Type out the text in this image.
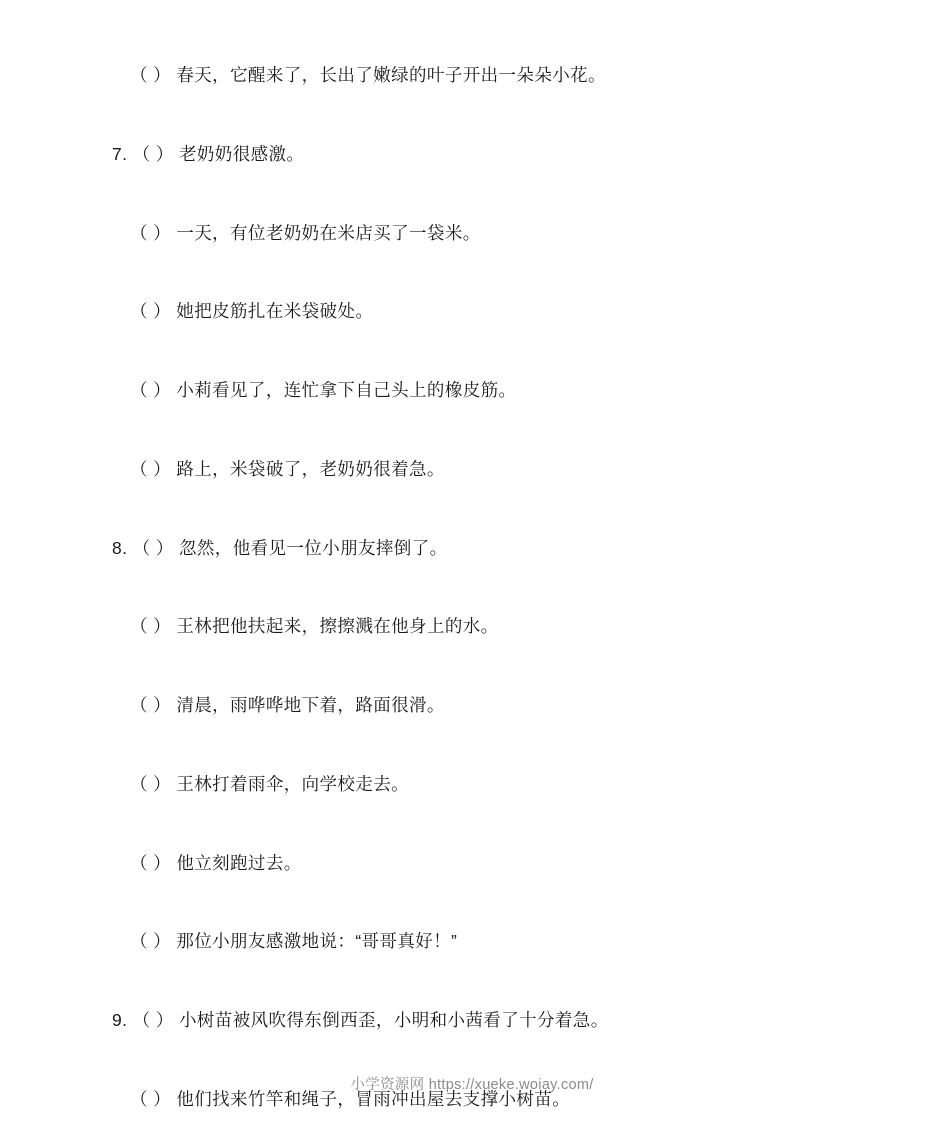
（ ） 春天，它醒来了，长出了嫩绿的叶子开出一朵朵小花。
7. （ ） 老奶奶很感激。
（ ） 一天，有位老奶奶在米店买了一袋米。
（ ） 她把皮筋扎在米袋破处。
（ ） 小莉看见了，连忙拿下自己头上的橡皮筋。
（ ） 路上，米袋破了，老奶奶很着急。
8. （ ） 忽然，他看见一位小朋友摔倒了。
（ ） 王林把他扶起来，擦擦溅在他身上的水。
（ ） 清晨，雨哗哗地下着，路面很滑。
（ ） 王林打着雨伞，向学校走去。
（ ） 他立刻跑过去。
（ ） 那位小朋友感激地说：“哥哥真好！”
9. （ ） 小树苗被风吹得东倒西歪，小明和小茜看了十分着急。
（ ） 他们找来竹竿和绳子，冒雨冲出屋去支撑小树苗。
小学资源网 https://xueke.woiay.com/
